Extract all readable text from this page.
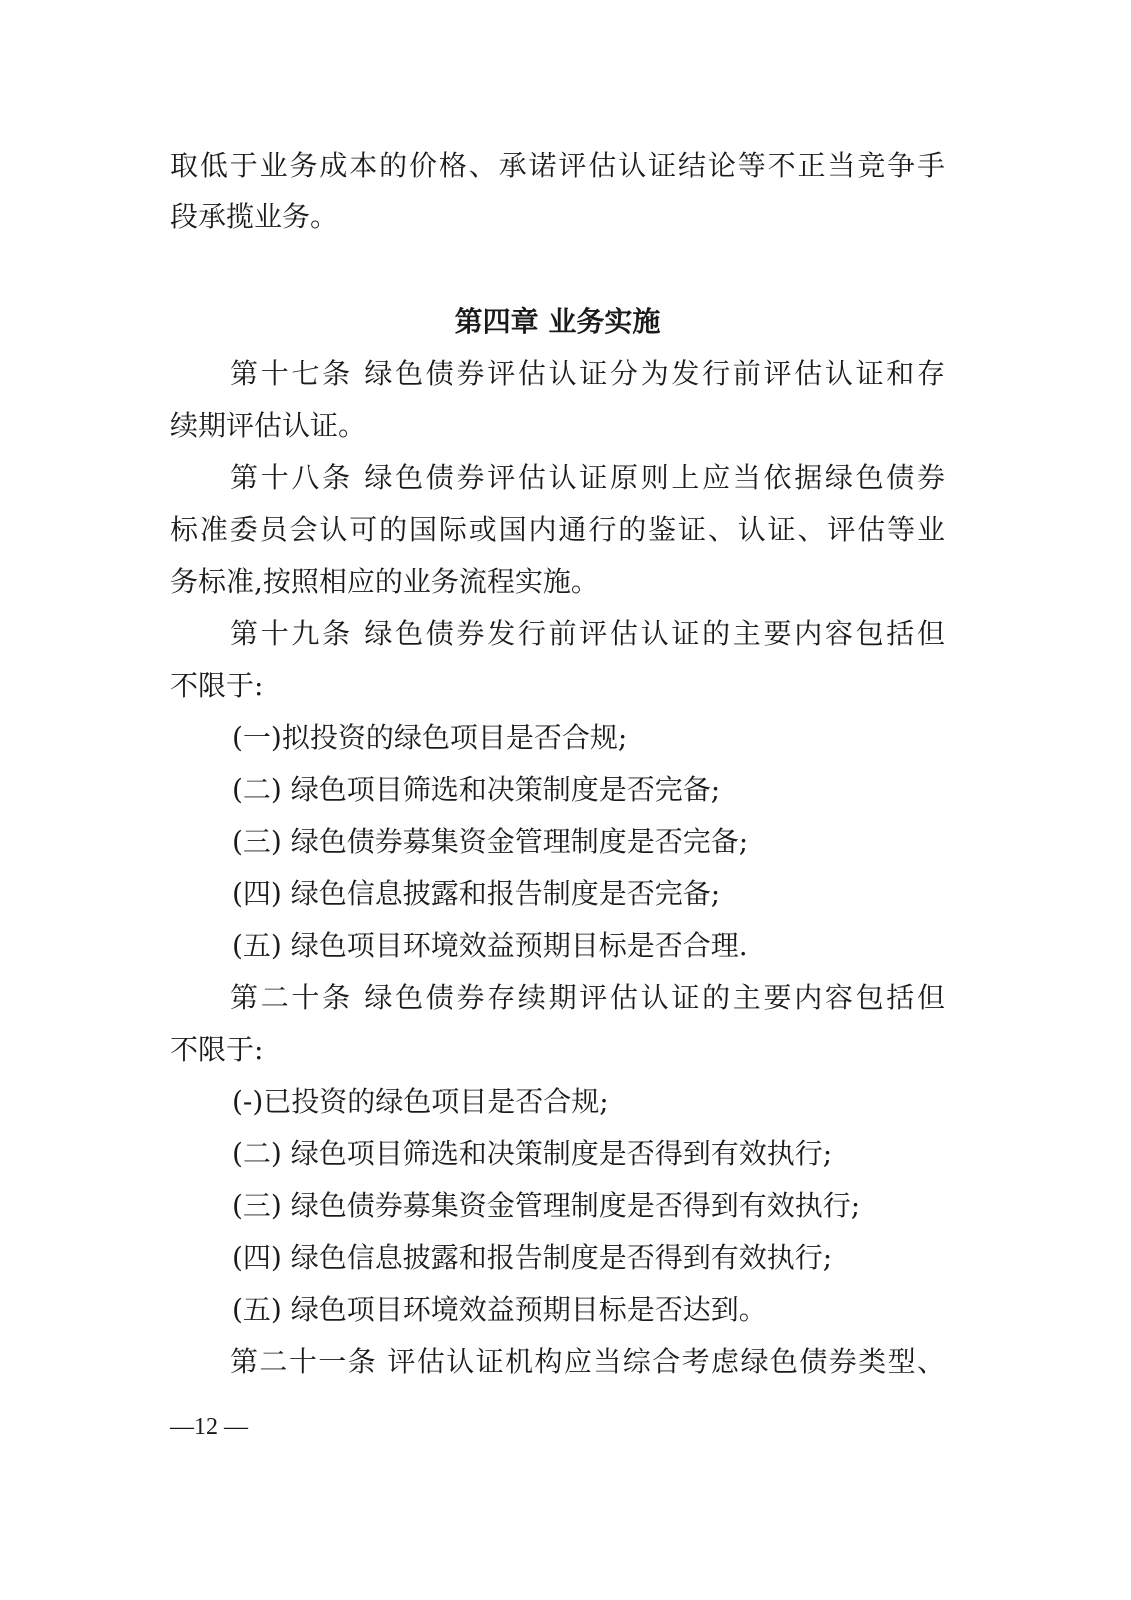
取低于业务成本的价格、承诺评估认证结论等不正当竞争手
段承揽业务。
第四章 业务实施
第十七条 绿色债券评估认证分为发行前评估认证和存
续期评估认证。
第十八条 绿色债券评估认证原则上应当依据绿色债券
标准委员会认可的国际或国内通行的鉴证、认证、评估等业
务标准,按照相应的业务流程实施。
第十九条 绿色债券发行前评估认证的主要内容包括但
不限于:
(一)拟投资的绿色项目是否合规;
(二) 绿色项目筛选和决策制度是否完备;
(三) 绿色债券募集资金管理制度是否完备;
(四) 绿色信息披露和报告制度是否完备;
(五) 绿色项目环境效益预期目标是否合理.
第二十条 绿色债券存续期评估认证的主要内容包括但
不限于:
(-)已投资的绿色项目是否合规;
(二) 绿色项目筛选和决策制度是否得到有效执行;
(三) 绿色债券募集资金管理制度是否得到有效执行;
(四) 绿色信息披露和报告制度是否得到有效执行;
(五) 绿色项目环境效益预期目标是否达到。
第二十一条 评估认证机构应当综合考虑绿色债券类型、
—12 —
